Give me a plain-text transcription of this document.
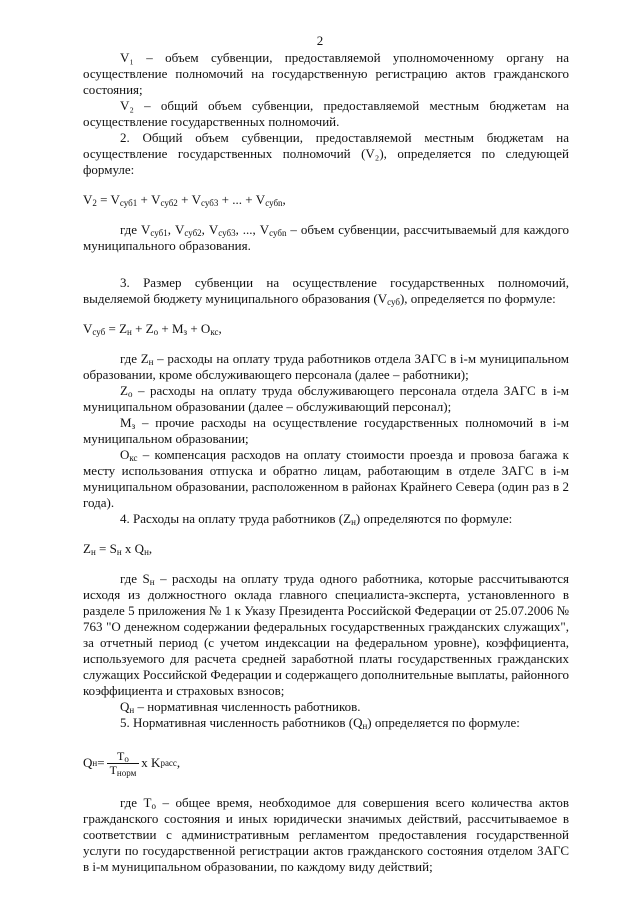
2

V₁ – объем субвенции, предоставляемой уполномоченному органу на осуществление полномочий на государственную регистрацию актов гражданского состояния;

V₂ – общий объем субвенции, предоставляемой местным бюджетам на осуществление государственных полномочий.

2. Общий объем субвенции, предоставляемой местным бюджетам на осуществление государственных полномочий (V₂), определяется по следующей формуле:

$V_2 = V_{суб1} + V_{суб2} + V_{суб3}$ + ... + $V_{субn}$,

где $V_{суб1}$, $V_{суб2}$, $V_{суб3}$, ..., $V_{субn}$ – объем субвенции, рассчитываемый для каждого муниципального образования.

3. Размер субвенции на осуществление государственных полномочий, выделяемой бюджету муниципального образования $(V_{суб})$, определяется по формуле:

$V_{суб} = Z_н + Z_о + M_з + O_{кс}$,

где $Z_н$ – расходы на оплату труда работников отдела ЗАГС в i-м муниципальном образовании, кроме обслуживающего персонала (далее – работники);

$Z_о$ – расходы на оплату труда обслуживающего персонала отдела ЗАГС в i-м муниципальном образовании (далее – обслуживающий персонал);

$M_з$ – прочие расходы на осуществление государственных полномочий в i-м муниципальном образовании;

$O_{кс}$ – компенсация расходов на оплату стоимости проезда и провоза багажа к месту использования отпуска и обратно лицам, работающим в отделе ЗАГС в i-м муниципальном образовании, расположенном в районах Крайнего Севера (один раз в 2 года).

4. Расходы на оплату труда работников $(Z_н)$ определяются по формуле:

$Z_н = S_н$ x $Q_н$,

где $S_н$ – расходы на оплату труда одного работника, которые рассчитываются исходя из должностного оклада главного специалиста-эксперта, установленного в разделе 5 приложения № 1 к Указу Президента Российской Федерации от 25.07.2006 № 763 "О денежном содержании федеральных государственных гражданских служащих", за отчетный период (с учетом индексации на федеральном уровне), коэффициента, используемого для расчета средней заработной платы государственных гражданских служащих Российской Федерации и содержащего дополнительные выплаты, районного коэффициента и страховых взносов;

$Q_н$ – нормативная численность работников.

5. Нормативная численность работников $(Q_н)$ определяется по формуле:

Q $н = \frac{T_o}{T_{норм}}$ x K расс ,

где $T_o$ – общее время, необходимое для совершения всего количества актов гражданского состояния и иных юридически значимых действий, рассчитываемое в соответствии с административным регламентом предоставления государственной услуги по государственной регистрации актов гражданского состояния отделом ЗАГС в i-м муниципальном образовании, по каждому виду действий;
